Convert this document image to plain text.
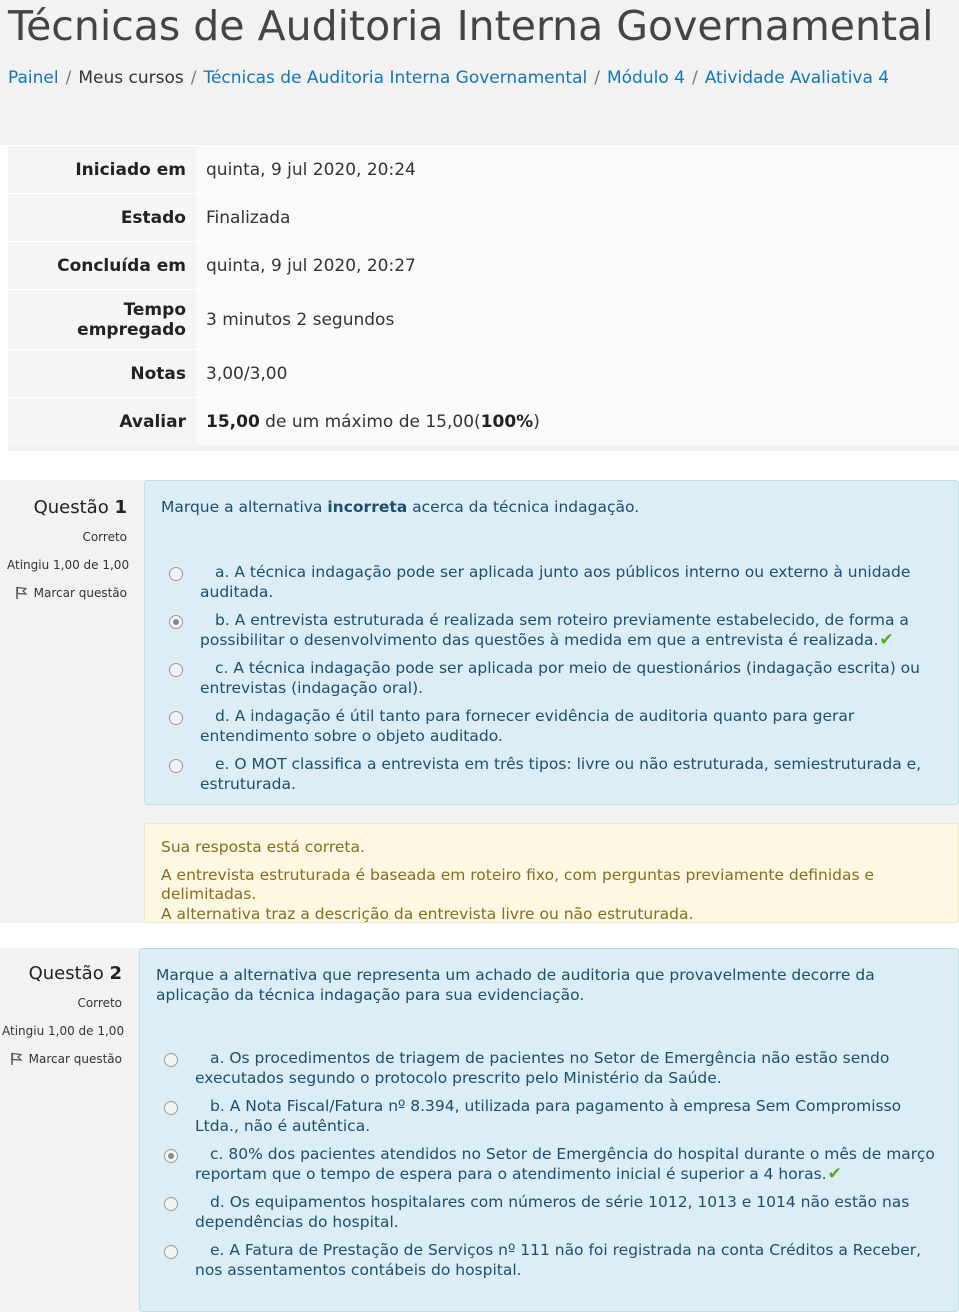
Técnicas de Auditoria Interna Governamental
Painel / Meus cursos / Técnicas de Auditoria Interna Governamental / Módulo 4 / Atividade Avaliativa 4
Iniciado em	quinta, 9 jul 2020, 20:24
Estado	Finalizada
Concluída em	quinta, 9 jul 2020, 20:27
Tempo
empregado	3 minutos 2 segundos
Notas	3,00/3,00
Avaliar	15,00 de um máximo de 15,00( 100% )
Questão 1
Correto
Atingiu 1,00 de 1,00
Marcar questão
Marque a alternativa incorreta acerca da técnica indagação.
a. A técnica indagação pode ser aplicada junto aos públicos interno ou externo à unidade auditada.
b. A entrevista estruturada é realizada sem roteiro previamente estabelecido, de forma a possibilitar o desenvolvimento das questões à medida em que a entrevista é realizada.✔
c. A técnica indagação pode ser aplicada por meio de questionários (indagação escrita) ou entrevistas (indagação oral).
d. A indagação é útil tanto para fornecer evidência de auditoria quanto para gerar entendimento sobre o objeto auditado.
e. O MOT classifica a entrevista em três tipos: livre ou não estruturada, semiestruturada e, estruturada.
Sua resposta está correta.
A entrevista estruturada é baseada em roteiro fixo, com perguntas previamente definidas e delimitadas.
A alternativa traz a descrição da entrevista livre ou não estruturada.
Questão 2
Correto
Atingiu 1,00 de 1,00
Marcar questão
Marque a alternativa que representa um achado de auditoria que provavelmente decorre da aplicação da técnica indagação para sua evidenciação.
a. Os procedimentos de triagem de pacientes no Setor de Emergência não estão sendo executados segundo o protocolo prescrito pelo Ministério da Saúde.
b. A Nota Fiscal/Fatura nº 8.394, utilizada para pagamento à empresa Sem Compromisso Ltda., não é autêntica.
c. 80% dos pacientes atendidos no Setor de Emergência do hospital durante o mês de março reportam que o tempo de espera para o atendimento inicial é superior a 4 horas.✔
d. Os equipamentos hospitalares com números de série 1012, 1013 e 1014 não estão nas dependências do hospital.
e. A Fatura de Prestação de Serviços nº 111 não foi registrada na conta Créditos a Receber, nos assentamentos contábeis do hospital.
